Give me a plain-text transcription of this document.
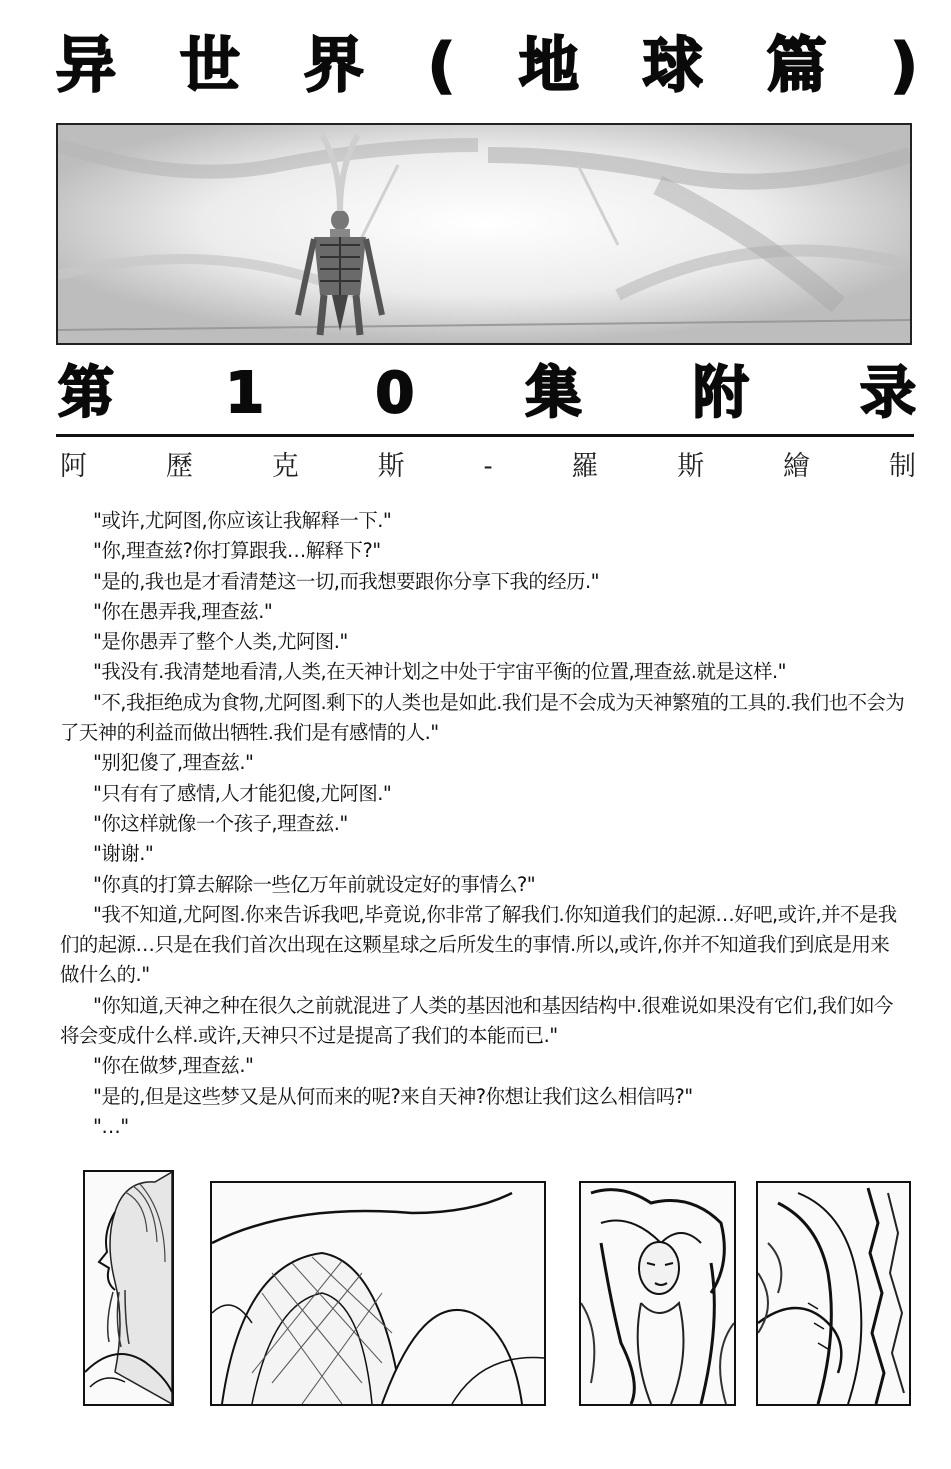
异 世 界 ( 地 球 篇 )
第 1 0 集 附 录
阿	歷	克	斯	-	羅	斯	繪	制

"或许,尤阿图,你应该让我解释一下."

"你,理查兹?你打算跟我…解释下?"

"是的,我也是才看清楚这一切,而我想要跟你分享下我的经历."

"你在愚弄我,理查兹."

"是你愚弄了整个人类,尤阿图."

"我没有.我清楚地看清,人类,在天神计划之中处于宇宙平衡的位置,理查兹.就是这样."

"不,我拒绝成为食物,尤阿图.剩下的人类也是如此.我们是不会成为天神繁殖的工具的.我们也不会为了天神的利益而做出牺牲.我们是有感情的人."

"别犯傻了,理查兹."

"只有有了感情,人才能犯傻,尤阿图."

"你这样就像一个孩子,理查兹."

"谢谢."

"你真的打算去解除一些亿万年前就设定好的事情么?"

"我不知道,尤阿图.你来告诉我吧,毕竟说,你非常了解我们.你知道我们的起源…好吧,或许,并不是我们的起源…只是在我们首次出现在这颗星球之后所发生的事情.所以,或许,你并不知道我们到底是用来做什么的."

"你知道,天神之种在很久之前就混进了人类的基因池和基因结构中.很难说如果没有它们,我们如今将会变成什么样.或许,天神只不过是提高了我们的本能而已."

"你在做梦,理查兹."

"是的,但是这些梦又是从何而来的呢?来自天神?你想让我们这么相信吗?"

"…"
